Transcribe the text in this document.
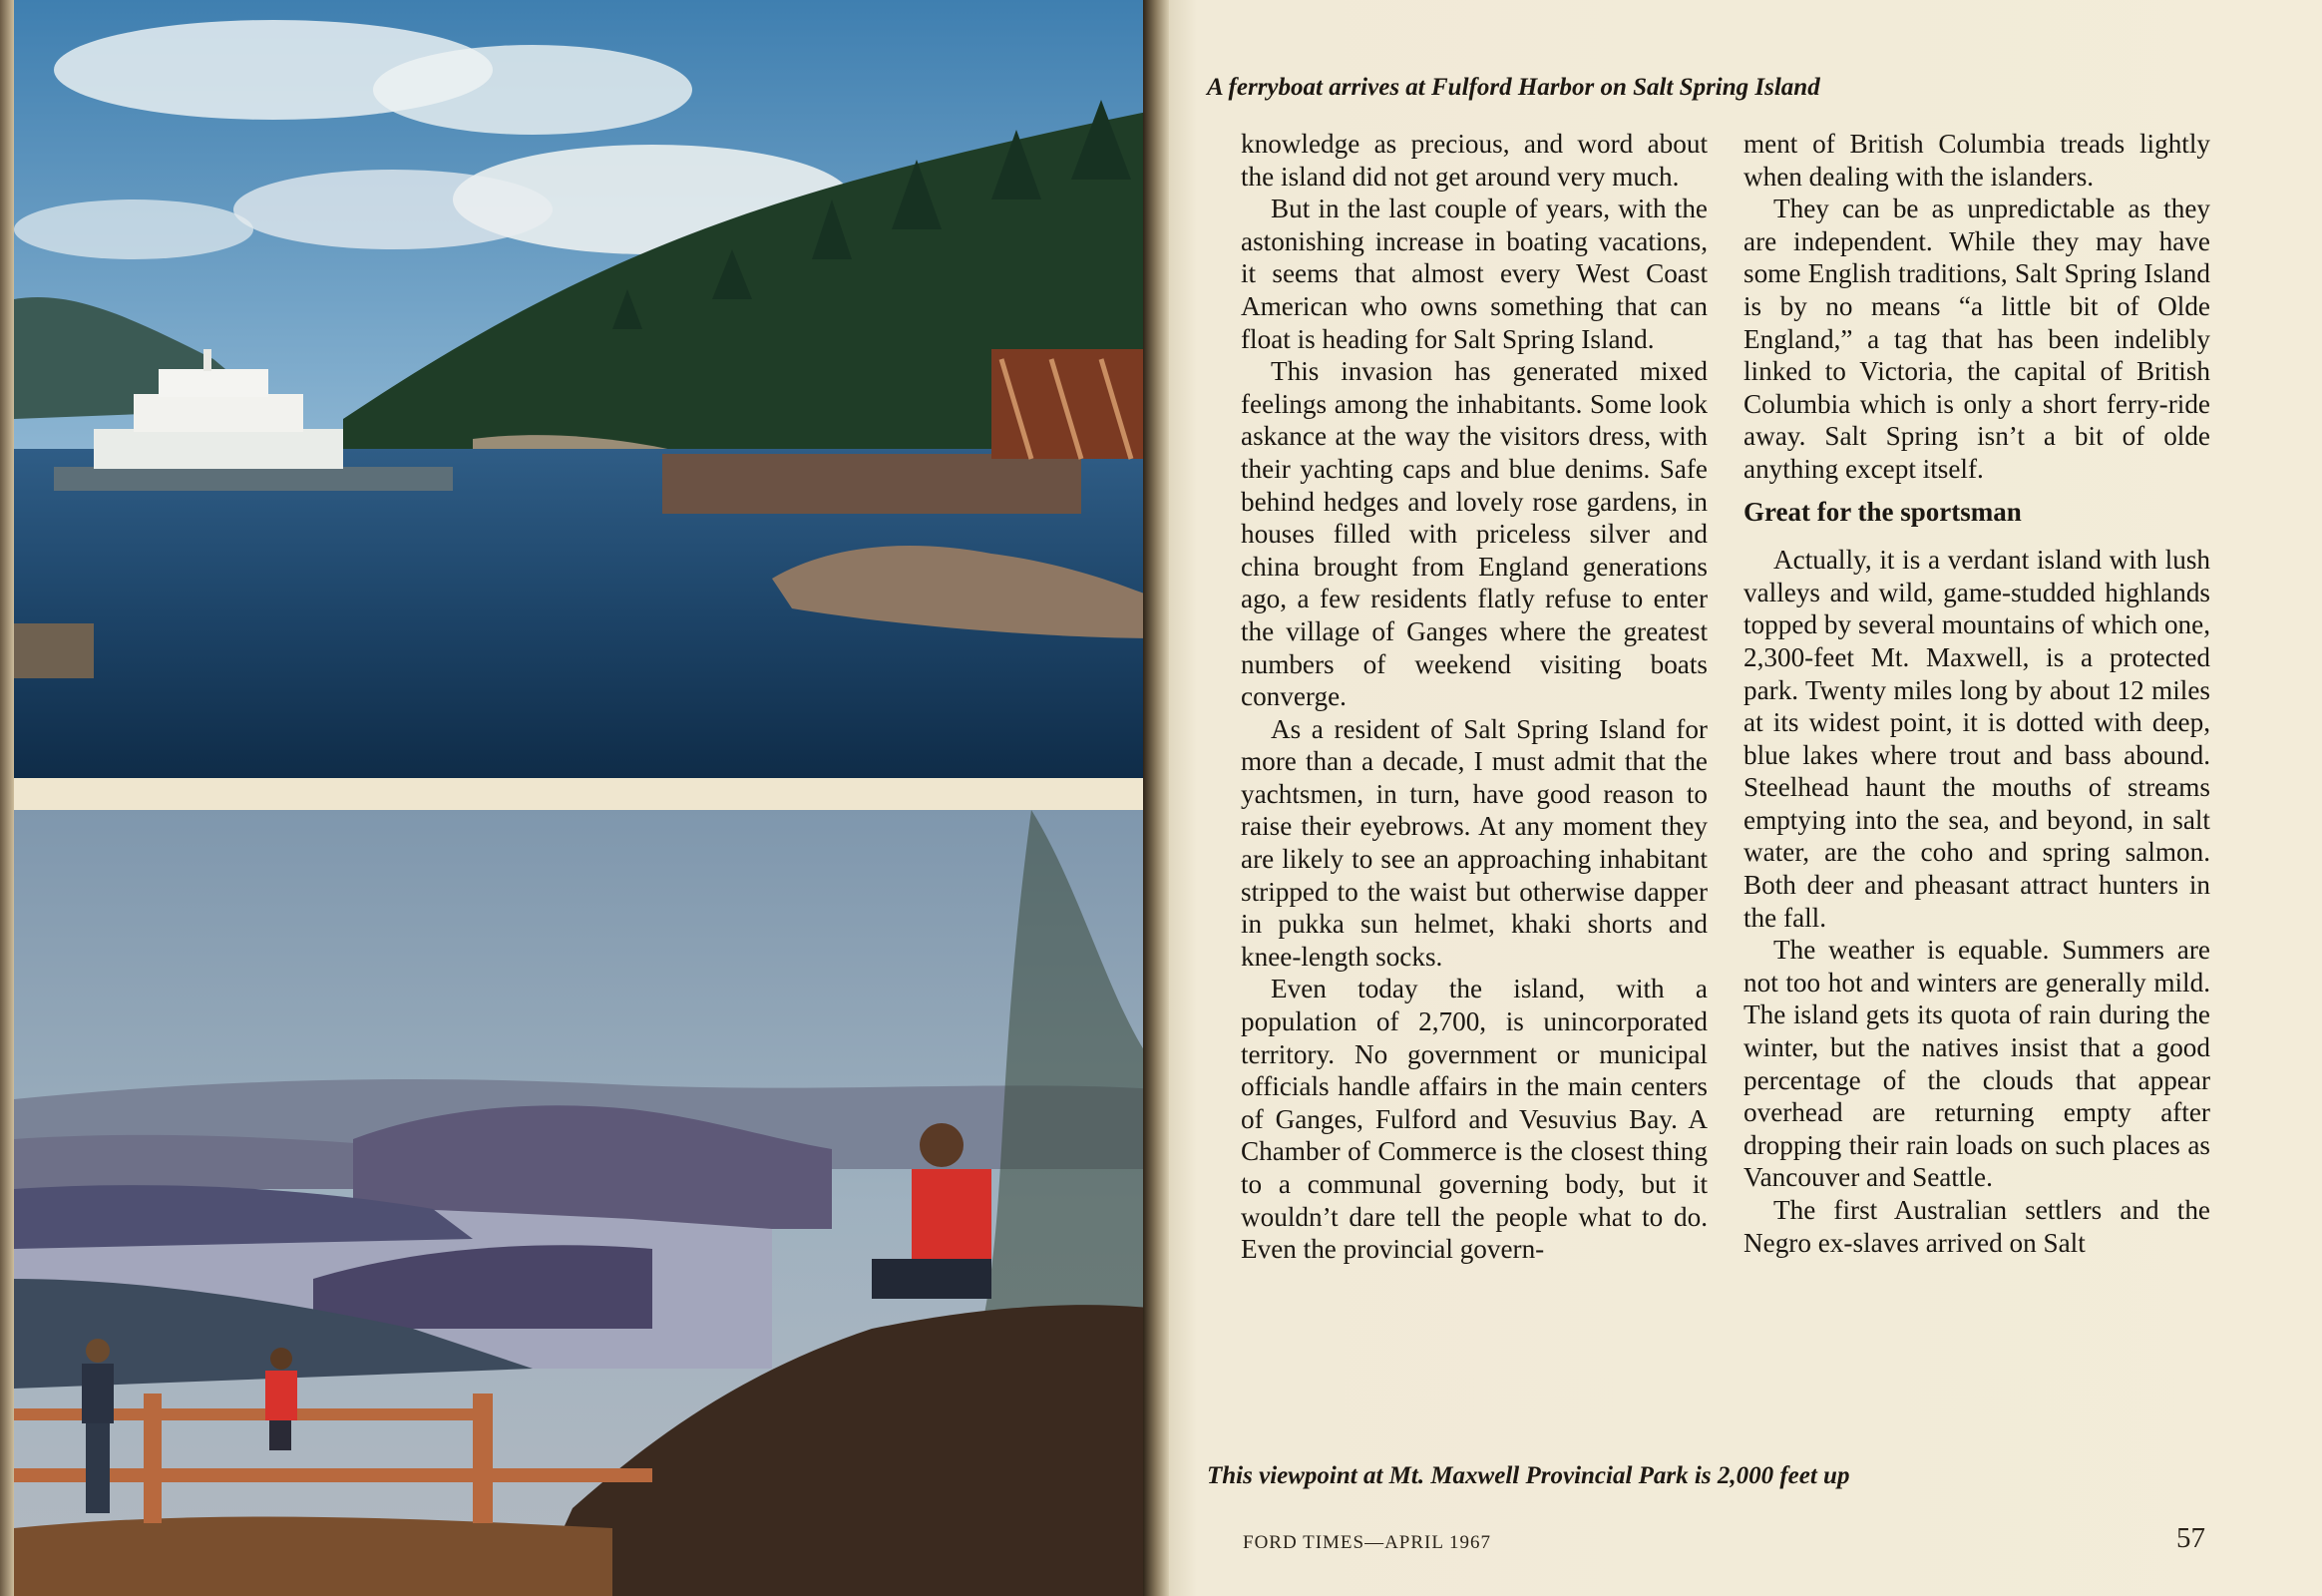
A ferryboat arrives at Fulford Harbor on Salt Spring Island

knowledge as precious, and word about the island did not get around very much.

But in the last couple of years, with the astonishing increase in boating vacations, it seems that almost every West Coast American who owns something that can float is heading for Salt Spring Island.

This invasion has generated mixed feelings among the inhabitants. Some look askance at the way the visitors dress, with their yachting caps and blue denims. Safe behind hedges and lovely rose gardens, in houses filled with priceless silver and china brought from England generations ago, a few residents flatly refuse to enter the village of Ganges where the greatest numbers of weekend visiting boats converge.

As a resident of Salt Spring Island for more than a decade, I must admit that the yachtsmen, in turn, have good reason to raise their eyebrows. At any moment they are likely to see an approaching inhabitant stripped to the waist but otherwise dapper in pukka sun helmet, khaki shorts and knee-length socks.

Even today the island, with a population of 2,700, is unincorporated territory. No government or municipal officials handle affairs in the main centers of Ganges, Fulford and Vesuvius Bay. A Chamber of Commerce is the closest thing to a communal governing body, but it wouldn’t dare tell the people what to do. Even the provincial govern-

ment of British Columbia treads lightly when dealing with the islanders.

They can be as unpredictable as they are independent. While they may have some English traditions, Salt Spring Island is by no means “a little bit of Olde England,” a tag that has been indelibly linked to Victoria, the capital of British Columbia which is only a short ferry-ride away. Salt Spring isn’t a bit of olde anything except itself.

Great for the sportsman

Actually, it is a verdant island with lush valleys and wild, game-studded highlands topped by several mountains of which one, 2,300-feet Mt. Maxwell, is a protected park. Twenty miles long by about 12 miles at its widest point, it is dotted with deep, blue lakes where trout and bass abound. Steelhead haunt the mouths of streams emptying into the sea, and beyond, in salt water, are the coho and spring salmon. Both deer and pheasant attract hunters in the fall.

The weather is equable. Summers are not too hot and winters are generally mild. The island gets its quota of rain during the winter, but the natives insist that a good percentage of the clouds that appear overhead are returning empty after dropping their rain loads on such places as Vancouver and Seattle.

The first Australian settlers and the Negro ex-slaves arrived on Salt

This viewpoint at Mt. Maxwell Provincial Park is 2,000 feet up
FORD TIMES—APRIL 1967	57
